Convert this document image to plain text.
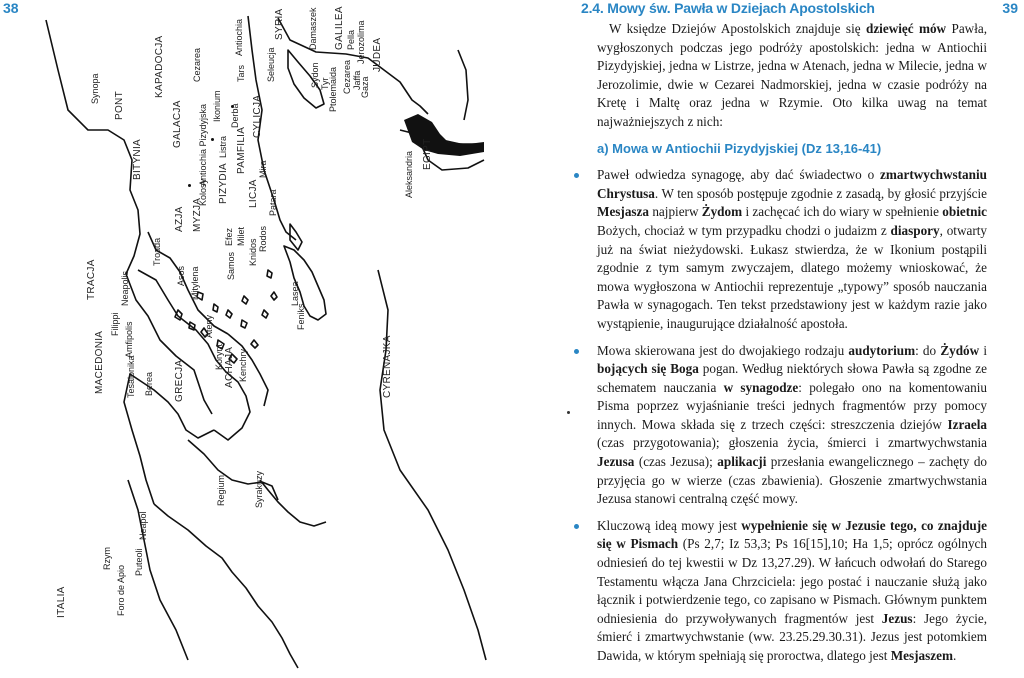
38	39
2.4. Mowy św. Pawła w Dziejach Apostolskich
Synopa
PONT
KAPADOCJA	Cezarea
BITYNIA
GALACJA	Ikonium Derba
Antiochia Pizydyjska Listra PAMFILIA
CYLICJA
Tars
Antiochia	SYRIA
Seleucja
Damaszek
Sydon Tyr
Ptolemaida
GALILEA Pella
Cezarea
Jerozolima
Jaffa
Gaza
JUDEA
Kolosy PIZYDIA	Mira
LICJA Patara
MYZJA
AZJA
Efez Milet
Troada
Asos Mitylena
Samos Knidos Rodos
Lasea
Feniks
TRACJA	Neapolis
Filippi Amfipolis
MACEDONIA Tesalonika Berea
Ateny
Korynt ACHAJA Kenchry
GRECJA	CYRENAJKA
Aleksandria EGIPT
Syrakuzy
Regium
Neapol
Puteoli
Rzym
Foro de Apio
ITALIA

W księdze Dziejów Apostolskich znajduje się dziewięć mów Pawła, wygłoszonych podczas jego podróży apostolskich: jedna w Antiochii Pizydyjskiej, jedna w Listrze, jedna w Atenach, jedna w Milecie, jedna w Jerozolimie, dwie w Cezarei Nadmorskiej, jedna w czasie podróży na Kretę i Maltę oraz jedna w Rzymie. Oto kilka uwag na temat najważniejszych z nich:

a) Mowa w Antiochii Pizydyjskiej (Dz 13,16-41)
Paweł odwiedza synagogę, aby dać świadectwo o zmartwychwstaniu Chrystusa. W ten sposób postępuje zgodnie z zasadą, by głosić przyjście Mesjasza najpierw Żydom i zachęcać ich do wiary w spełnienie obietnic Bożych, chociaż w tym przypadku chodzi o judaizm z diaspory, otwarty już na świat nieżydowski. Łukasz stwierdza, że w Ikonium postąpili zgodnie z tym samym zwyczajem, dlatego możemy wnioskować, że mowa wygłoszona w Antiochii reprezentuje „typowy” sposób nauczania Pawła w synagogach. Ten tekst przedstawiony jest w każdym razie jako wystąpienie, inaugurujące działalność apostoła.
Mowa skierowana jest do dwojakiego rodzaju audytorium: do Żydów i bojących się Boga pogan. Według niektórych słowa Pawła są zgodne ze schematem nauczania w synagodze: polegało ono na komentowaniu Pisma poprzez wyjaśnianie treści jednych fragmentów przy pomocy innych. Mowa składa się z trzech części: streszczenia dziejów Izraela (czas przygotowania); głoszenia życia, śmierci i zmartwychwstania Jezusa (czas Jezusa); aplikacji przesłania ewangelicznego – zachęty do przyjęcia go w wierze (czas zbawienia). Głoszenie zmartwychwstania Jezusa stanowi centralną część mowy.
Kluczową ideą mowy jest wypełnienie się w Jezusie tego, co znajduje się w Pismach (Ps 2,7; Iz 53,3; Ps 16[15],10; Ha 1,5; oprócz ogólnych odniesień do tej kwestii w Dz 13,27.29). W łańcuch odwołań do Starego Testamentu włącza Jana Chrzciciela: jego postać i nauczanie służą jako łącznik i potwierdzenie tego, co zapisano w Pismach. Głównym punktem odniesienia do przywoływanych fragmentów jest Jezus: Jego życie, śmierć i zmartwychwstanie (ww. 23.25.29.30.31). Jezus jest potomkiem Dawida, w którym spełniają się proroctwa, dlatego jest Mesjaszem.
